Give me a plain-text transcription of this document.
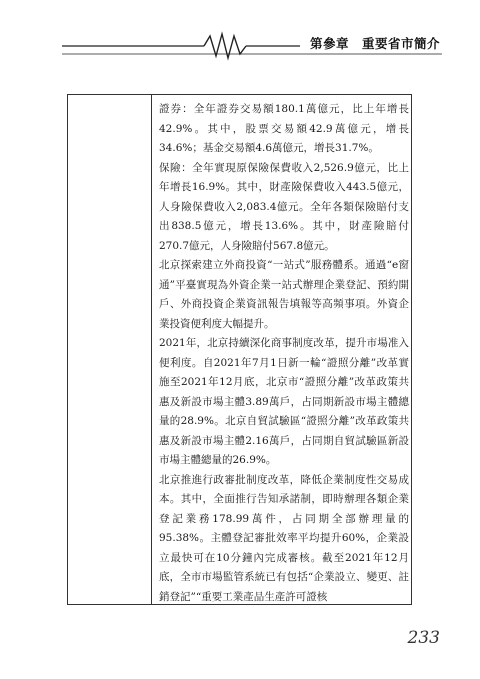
第參章　重要省市簡介

證券：全年證券交易額180.1萬億元，比上年增長42.9%。其中，股票交易額42.9萬億元，增長34.6%；基金交易額4.6萬億元，增長31.7%。

保險：全年實現原保險保費收入2,526.9億元，比上年增長16.9%。其中，財產險保費收入443.5億元，人身險保費收入2,083.4億元。全年各類保險賠付支出838.5億元，增長13.6%。其中，財產險賠付270.7億元，人身險賠付567.8億元。

北京探索建立外商投資“一站式”服務體系。通過“e窗通”平臺實現為外資企業一站式辦理企業登記、預約開戶、外商投資企業資訊報告填報等高頻事項。外資企業投資便利度大幅提升。

2021年，北京持續深化商事制度改革，提升市場准入便利度。自2021年7月1日新一輪“證照分離”改革實施至2021年12月底，北京市“證照分離”改革政策共惠及新設市場主體3.89萬戶，占同期新設市場主體總量的28.9%。北京自貿試驗區“證照分離”改革政策共惠及新設市場主體2.16萬戶，占同期自貿試驗區新設市場主體總量的26.9%。

北京推進行政審批制度改革，降低企業制度性交易成本。其中，全面推行告知承諾制，即時辦理各類企業登記業務178.99萬件，占同期全部辦理量的95.38%。主體登記審批效率平均提升60%，企業設立最快可在10分鐘內完成審核。截至2021年12月底，全市市場監管系統已有包括“企業設立、變更、註銷登記”“重要工業產品生產許可證核

233
